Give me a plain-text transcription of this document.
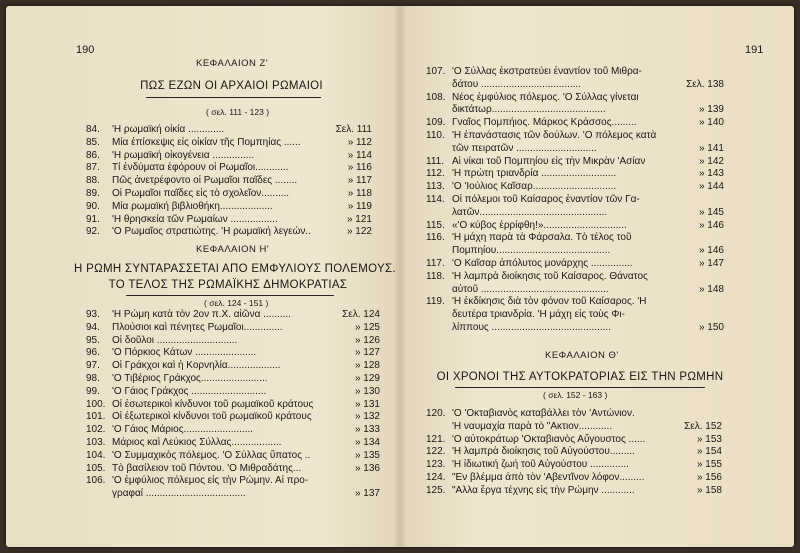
190
ΚΕΦΑΛΑΙΟΝ Ζ'
ΠΩΣ ΕΖΩΝ ΟΙ ΑΡΧΑΙΟΙ ΡΩΜΑΙΟΙ
( σελ. 111 - 123 )
84.	'Η ρωμαϊκή οἰκία .............	Σελ. 111
85.	Μία ἐπίσκεψις εἰς οἰκίαν τῆς Πομπηίας ......	» 112
86.	'Η ρωμαϊκή οἰκογένεια ...............	» 114
87.	Τί ἐνδύματα ἐφόρουν οἱ Ρωμαῖοι............	» 116
88.	Πῶς ἀνετρέφοντο οἱ Ρωμαῖοι παῖδες ........	» 117
89.	Οἱ Ρωμαῖοι παῖδες εἰς τὸ σχολεῖον..........	» 118
90.	Μία ρωμαϊκή βιβλιοθήκη...................	» 119
91.	'Η θρησκεία τῶν Ρωμαίων .................	» 121
92.	'Ο Ρωμαῖος στρατιώτης. 'Η ρωμαϊκή λεγεών..	» 122
ΚΕΦΑΛΑΙΟΝ Η'
Η ΡΩΜΗ ΣΥΝΤΑΡΑΣΣΕΤΑΙ ΑΠΟ ΕΜΦΥΛΙΟΥΣ ΠΟΛΕΜΟΥΣ.
ΤΟ ΤΕΛΟΣ ΤΗΣ ΡΩΜΑΪΚΗΣ ΔΗΜΟΚΡΑΤΙΑΣ
( σελ. 124 - 151 )
93.	'Η Ρώμη κατὰ τὸν 2ον π.Χ. αἰῶνα ..........	Σελ. 124
94.	Πλούσιοι καὶ πένητες Ρωμαῖοι..............	» 125
95.	Οἱ δοῦλοι .............................	» 126
96.	'Ο Πόρκιος Κάτων ......................	» 127
97.	Οἱ Γράκχοι καὶ ἡ Κορνηλία...................	» 128
98.	'Ο Τιβέριος Γράκχος........................	» 129
99.	'Ο Γάιος Γράκχος ...........................	» 130
100. Οἱ ἐσωτερικοὶ κίνδυνοι τοῦ ρωμαϊκοῦ κράτους	» 131
101. Οἱ ἐξωτερικοὶ κίνδυνοι τοῦ ρωμαϊκοῦ κράτους	» 132
102. 'Ο Γάιος Μάριος.........................	» 133
103. Μάριος καὶ Λεύκιος Σύλλας..................	» 134
104. 'Ο Συμμαχικὸς πόλεμος. 'Ο Σύλλας ὕπατος ..	» 135
105. Τὸ βασίλειον τοῦ Πόντου. 'Ο Μιθραδάτης...	» 136
106. 'Ο ἐμφύλιος πόλεμος εἰς τὴν Ρώμην. Αἱ προ-
γραφαί ....................................	» 137
191
107. 'Ο Σύλλας ἐκστρατεύει ἐναντίον τοῦ Μιθρα-
δάτου ....................................	Σελ. 138
108. Νέος ἐμφύλιος πόλεμος. 'Ο Σύλλας γίνεται
δικτάτωρ.........................................	» 139
109. Γναῖος Πομπήιος. Μάρκος Κράσσος.........	» 140
110. 'Η ἐπανάστασις τῶν δούλων. 'Ο πόλεμος κατὰ
τῶν πειρατῶν .............................	» 141
111. Αἱ νίκαι τοῦ Πομπηίου εἰς τὴν Μικρὰν 'Ασίαν	» 142
112. 'Η πρώτη τριανδρία ...........................	» 143
113. 'Ο 'Ιούλιος Καῖσαρ..............................	» 144
114. Οἱ πόλεμοι τοῦ Καίσαρος ἐναντίον τῶν Γα-
λατῶν..............................................	» 145
115. «'Ο κύβος ἐρρίφθη!»..............................	» 146
116. 'Η μάχη παρὰ τὰ Φάρσαλα. Τὸ τέλος τοῦ
Πομπηίου.........................................	» 146
117. 'Ο Καῖσαρ ἀπόλυτος μονάρχης ...............	» 147
118. 'Η λαμπρὰ διοίκησις τοῦ Καίσαρος. Θάνατος
αὐτοῦ ..............................................	» 148
119. 'Η ἐκδίκησις διὰ τὸν φόνον τοῦ Καίσαρος. 'Η
δευτέρα τριανδρία. 'Η μάχη εἰς τοὺς Φι-
λίππους ...........................................	» 150
ΚΕΦΑΛΑΙΟΝ Θ'
ΟΙ ΧΡΟΝΟΙ ΤΗΣ ΑΥΤΟΚΡΑΤΟΡΙΑΣ ΕΙΣ ΤΗΝ ΡΩΜΗΝ
( σελ. 152 - 163 )
120. 'Ο 'Οκταβιανὸς καταβάλλει τὸν 'Αντώνιον.
'Η ναυμαχία παρὰ τὸ "Ακτιον............	Σελ. 152
121. 'Ο αὐτοκράτωρ 'Οκταβιανὸς Αὔγουστος ......	» 153
122. 'Η λαμπρὰ διοίκησις τοῦ Αὐγούστου.........	» 154
123. 'Η ἰδιωτική ζωή τοῦ Αὐγούστου ..............	» 155
124. "Εν βλέμμα ἀπὸ τὸν 'Αβεντῖνον λόφον.........	» 156
125. "Αλλα ἔργα τέχνης εἰς τὴν Ρώμην ............	» 158
